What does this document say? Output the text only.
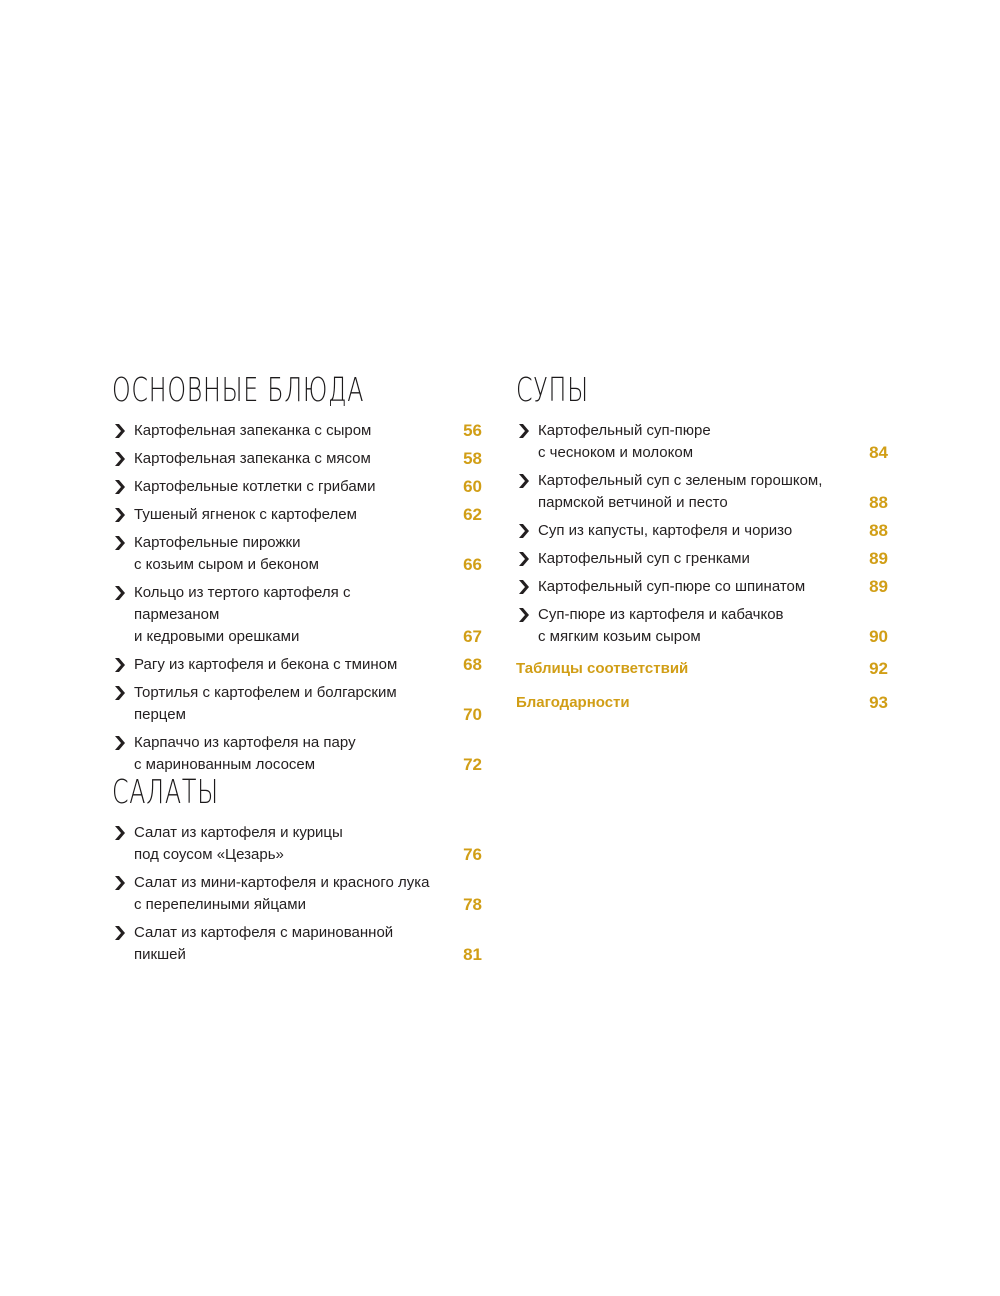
ОСНОВНЫЕ БЛЮДА
Картофельная запеканка с сыром	56
Картофельная запеканка с мясом	58
Картофельные котлетки с грибами	60
Тушеный ягненок с картофелем	62
Картофельные пирожки
с козьим сыром и беконом	66
Кольцо из тертого картофеля с пармезаном
и кедровыми орешками	67
Рагу из картофеля и бекона с тмином	68
Тортилья с картофелем и болгарским перцем	70
Карпаччо из картофеля на пару
с маринованным лососем	72
САЛАТЫ
Салат из картофеля и курицы
под соусом «Цезарь»	76
Салат из мини-картофеля и красного лука
с перепелиными яйцами	78
Салат из картофеля с маринованной пикшей	81
СУПЫ
Картофельный суп-пюре
с чесноком и молоком	84
Картофельный суп с зеленым горошком,
пармской ветчиной и песто	88
Суп из капусты, картофеля и чоризо	88
Картофельный суп с гренками	89
Картофельный суп-пюре со шпинатом	89
Суп-пюре из картофеля и кабачков
с мягким козьим сыром	90
Таблицы соответствий	92
Благодарности	93
